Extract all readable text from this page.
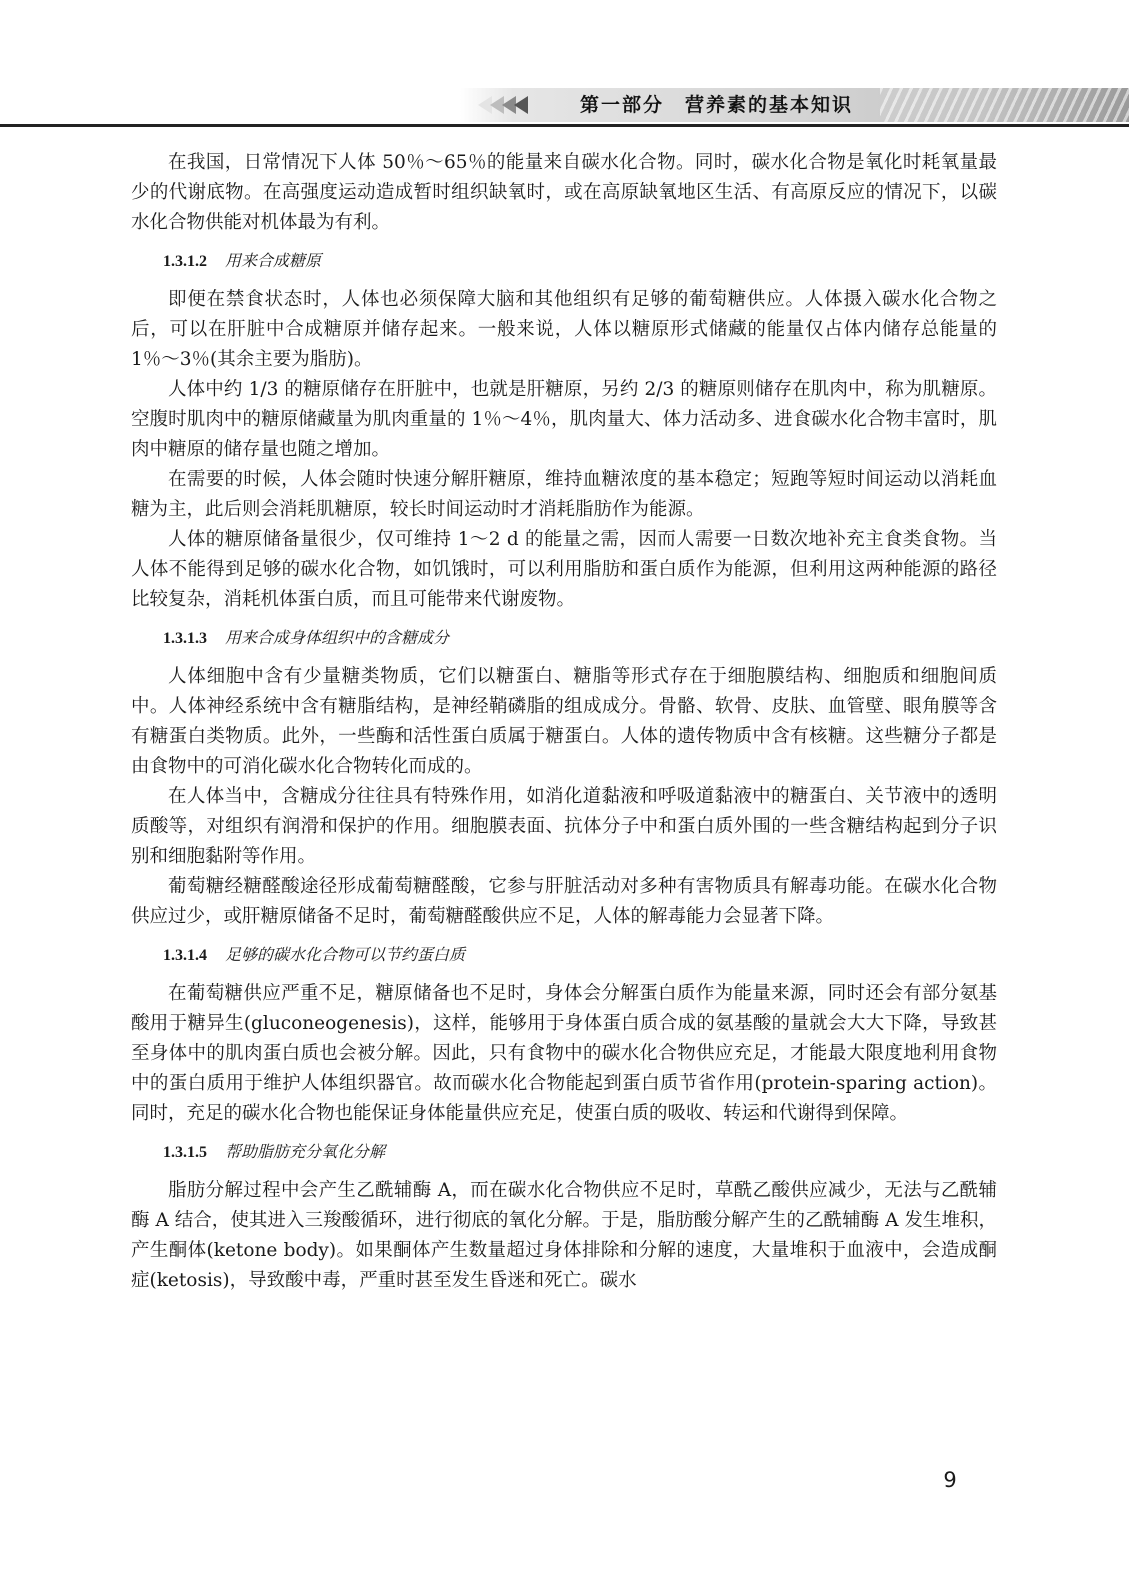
第一部分　营养素的基本知识

在我国，日常情况下人体 50％～65％的能量来自碳水化合物。同时，碳水化合物是氧化时耗氧量最少的代谢底物。在高强度运动造成暂时组织缺氧时，或在高原缺氧地区生活、有高原反应的情况下，以碳水化合物供能对机体最为有利。

1.3.1.2 用来合成糖原

即便在禁食状态时，人体也必须保障大脑和其他组织有足够的葡萄糖供应。人体摄入碳水化合物之后，可以在肝脏中合成糖原并储存起来。一般来说，人体以糖原形式储藏的能量仅占体内储存总能量的 1％～3％(其余主要为脂肪)。

人体中约 1/3 的糖原储存在肝脏中，也就是肝糖原，另约 2/3 的糖原则储存在肌肉中，称为肌糖原。空腹时肌肉中的糖原储藏量为肌肉重量的 1％～4％，肌肉量大、体力活动多、进食碳水化合物丰富时，肌肉中糖原的储存量也随之增加。

在需要的时候，人体会随时快速分解肝糖原，维持血糖浓度的基本稳定；短跑等短时间运动以消耗血糖为主，此后则会消耗肌糖原，较长时间运动时才消耗脂肪作为能源。

人体的糖原储备量很少，仅可维持 1～2 d 的能量之需，因而人需要一日数次地补充主食类食物。当人体不能得到足够的碳水化合物，如饥饿时，可以利用脂肪和蛋白质作为能源，但利用这两种能源的路径比较复杂，消耗机体蛋白质，而且可能带来代谢废物。

1.3.1.3 用来合成身体组织中的含糖成分

人体细胞中含有少量糖类物质，它们以糖蛋白、糖脂等形式存在于细胞膜结构、细胞质和细胞间质中。人体神经系统中含有糖脂结构，是神经鞘磷脂的组成成分。骨骼、软骨、皮肤、血管壁、眼角膜等含有糖蛋白类物质。此外，一些酶和活性蛋白质属于糖蛋白。人体的遗传物质中含有核糖。这些糖分子都是由食物中的可消化碳水化合物转化而成的。

在人体当中，含糖成分往往具有特殊作用，如消化道黏液和呼吸道黏液中的糖蛋白、关节液中的透明质酸等，对组织有润滑和保护的作用。细胞膜表面、抗体分子中和蛋白质外围的一些含糖结构起到分子识别和细胞黏附等作用。

葡萄糖经糖醛酸途径形成葡萄糖醛酸，它参与肝脏活动对多种有害物质具有解毒功能。在碳水化合物供应过少，或肝糖原储备不足时，葡萄糖醛酸供应不足，人体的解毒能力会显著下降。

1.3.1.4 足够的碳水化合物可以节约蛋白质

在葡萄糖供应严重不足，糖原储备也不足时，身体会分解蛋白质作为能量来源，同时还会有部分氨基酸用于糖异生(gluconeogenesis)，这样，能够用于身体蛋白质合成的氨基酸的量就会大大下降，导致甚至身体中的肌肉蛋白质也会被分解。因此，只有食物中的碳水化合物供应充足，才能最大限度地利用食物中的蛋白质用于维护人体组织器官。故而碳水化合物能起到蛋白质节省作用(protein-sparing action)。同时，充足的碳水化合物也能保证身体能量供应充足，使蛋白质的吸收、转运和代谢得到保障。

1.3.1.5 帮助脂肪充分氧化分解

脂肪分解过程中会产生乙酰辅酶 A，而在碳水化合物供应不足时，草酰乙酸供应减少，无法与乙酰辅酶 A 结合，使其进入三羧酸循环，进行彻底的氧化分解。于是，脂肪酸分解产生的乙酰辅酶 A 发生堆积，产生酮体(ketone body)。如果酮体产生数量超过身体排除和分解的速度，大量堆积于血液中，会造成酮症(ketosis)，导致酸中毒，严重时甚至发生昏迷和死亡。碳水

9
